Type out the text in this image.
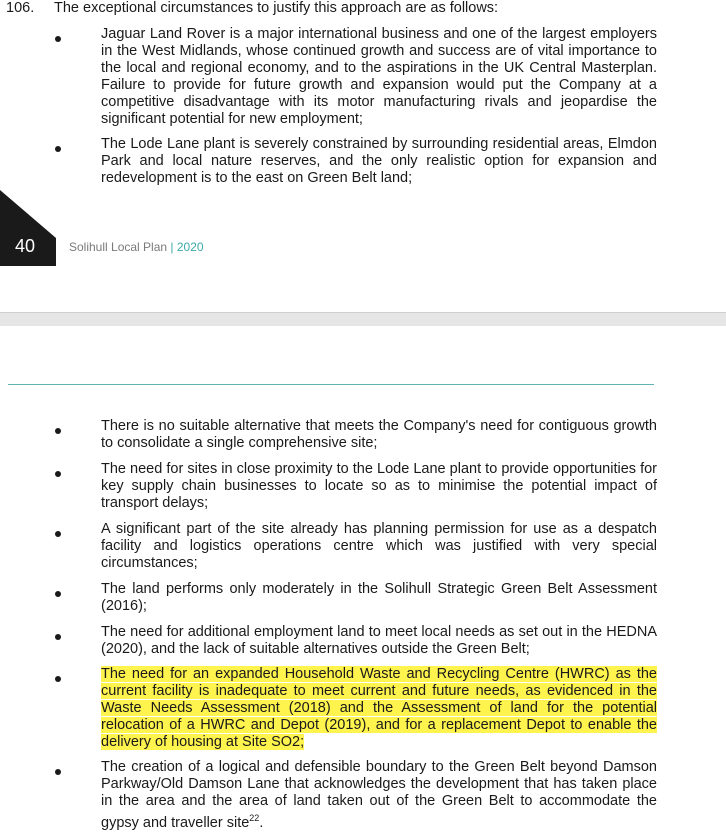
106. The exceptional circumstances to justify this approach are as follows:
Jaguar Land Rover is a major international business and one of the largest employers in the West Midlands, whose continued growth and success are of vital importance to the local and regional economy, and to the aspirations in the UK Central Masterplan. Failure to provide for future growth and expansion would put the Company at a competitive disadvantage with its motor manufacturing rivals and jeopardise the significant potential for new employment;
The Lode Lane plant is severely constrained by surrounding residential areas, Elmdon Park and local nature reserves, and the only realistic option for expansion and redevelopment is to the east on Green Belt land;
40	Solihull Local Plan | 2020
There is no suitable alternative that meets the Company's need for contiguous growth to consolidate a single comprehensive site;
The need for sites in close proximity to the Lode Lane plant to provide opportunities for key supply chain businesses to locate so as to minimise the potential impact of transport delays;
A significant part of the site already has planning permission for use as a despatch facility and logistics operations centre which was justified with very special circumstances;
The land performs only moderately in the Solihull Strategic Green Belt Assessment (2016);
The need for additional employment land to meet local needs as set out in the HEDNA (2020), and the lack of suitable alternatives outside the Green Belt;
The need for an expanded Household Waste and Recycling Centre (HWRC) as the current facility is inadequate to meet current and future needs, as evidenced in the Waste Needs Assessment (2018) and the Assessment of land for the potential relocation of a HWRC and Depot (2019), and for a replacement Depot to enable the delivery of housing at Site SO2;
The creation of a logical and defensible boundary to the Green Belt beyond Damson Parkway/Old Damson Lane that acknowledges the development that has taken place in the area and the area of land taken out of the Green Belt to accommodate the gypsy and traveller site$^{22}$.
